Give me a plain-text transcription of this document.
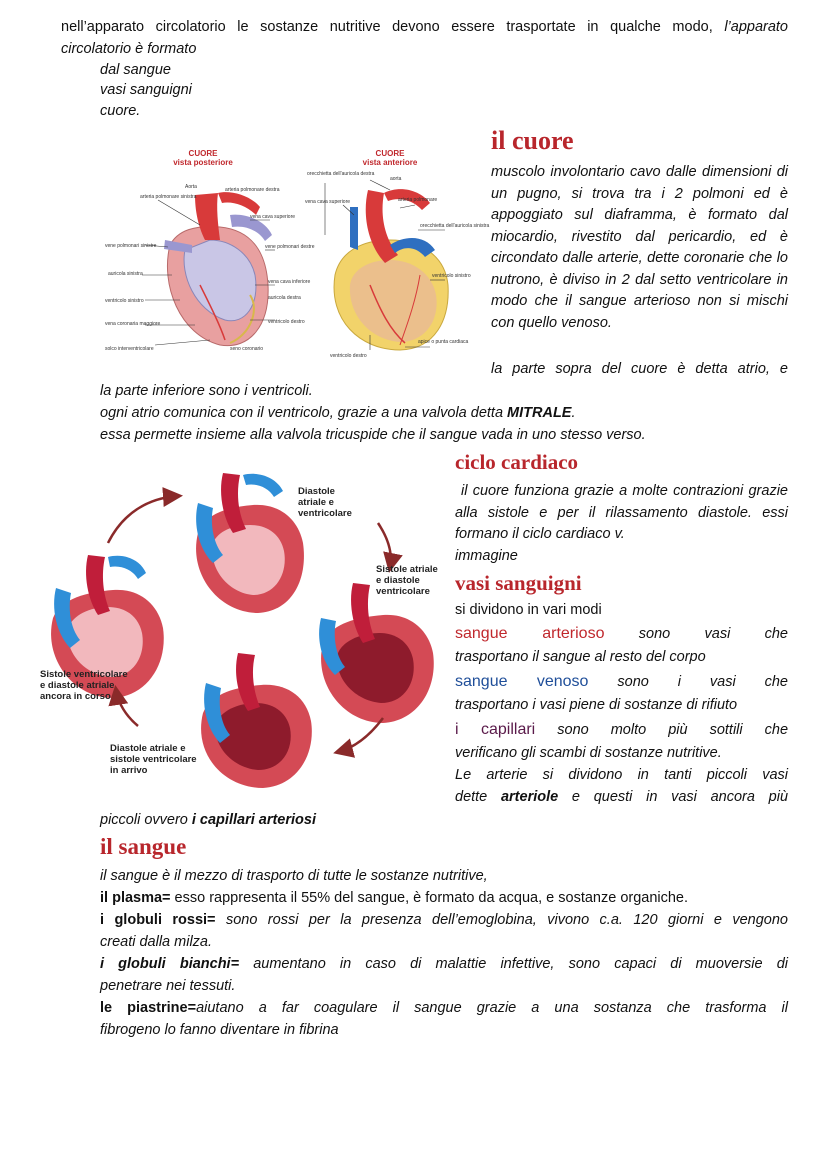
nell’apparato circolatorio le sostanze nutritive devono essere trasportate in qualche modo, l’apparato
circolatorio è formato
dal sangue
vasi sanguigni
cuore.
CUORE
vista posteriore
Aorta
arteria polmonare sinistra
arteria polmonare destra
vena cava superiore
vene polmonari sinistre	vene polmonari destre
auricola sinistra
vena cava inferiore
auricola destra
ventricolo sinistro
vena coronaria maggiore	ventricolo destro
solco interventricolare	seno coronario
CUORE
vista anteriore
orecchietta dell'auricola destra
aorta
vena cava superiore	arteria polmonare
orecchietta dell'auricola sinistra
ventricolo sinistro
ventricolo destro
apice o punta cardiaca
il cuore
muscolo involontario cavo dalle dimensioni di un pugno, si trova tra i 2 polmoni ed è appoggiato sul diaframma, è formato dal miocardio, rivestito dal pericardio, ed è circondato dalle arterie, dette coronarie che lo nutrono, è diviso in 2 dal setto ventricolare in modo che il sangue arterioso non si mischi con quello venoso.
la parte sopra del cuore è detta atrio, e
la parte inferiore sono i ventricoli.
ogni atrio comunica con il ventricolo, grazie a una valvola detta MITRALE.
essa permette insieme alla valvola tricuspide che il sangue vada in uno stesso verso.
Diastole
atriale e
ventricolare
Sistole atriale
e diastole
ventricolare
Sistole ventricolare
e diastole atriale
ancora in corso
Diastole atriale e
sistole ventricolare
in arrivo
ciclo cardiaco
il cuore funziona grazie a molte contrazioni grazie alla sistole e per il rilassamento diastole. essi formano il ciclo cardiaco v.
immagine
vasi sanguigni
si dividono in vari modi
sangue arterioso sono vasi che
trasportano il sangue al resto del corpo
sangue venoso sono i vasi che
trasportano i vasi piene di sostanze di rifiuto
i capillari sono molto più sottili che
verificano gli scambi di sostanze nutritive.
Le arterie si dividono in tanti piccoli vasi
dette arteriole e questi in vasi ancora più
piccoli ovvero i capillari arteriosi
il sangue
il sangue è il mezzo di trasporto di tutte le sostanze nutritive,
il plasma= esso rappresenta il 55% del sangue, è formato da acqua, e sostanze organiche.
i globuli rossi= sono rossi per la presenza dell’emoglobina, vivono c.a. 120 giorni e vengono
creati dalla milza.
i globuli bianchi= aumentano in caso di malattie infettive, sono capaci di muoversie di
penetrare nei tessuti.
le piastrine=aiutano a far coagulare il sangue grazie a una sostanza che trasforma il
fibrogeno lo fanno diventare in fibrina
